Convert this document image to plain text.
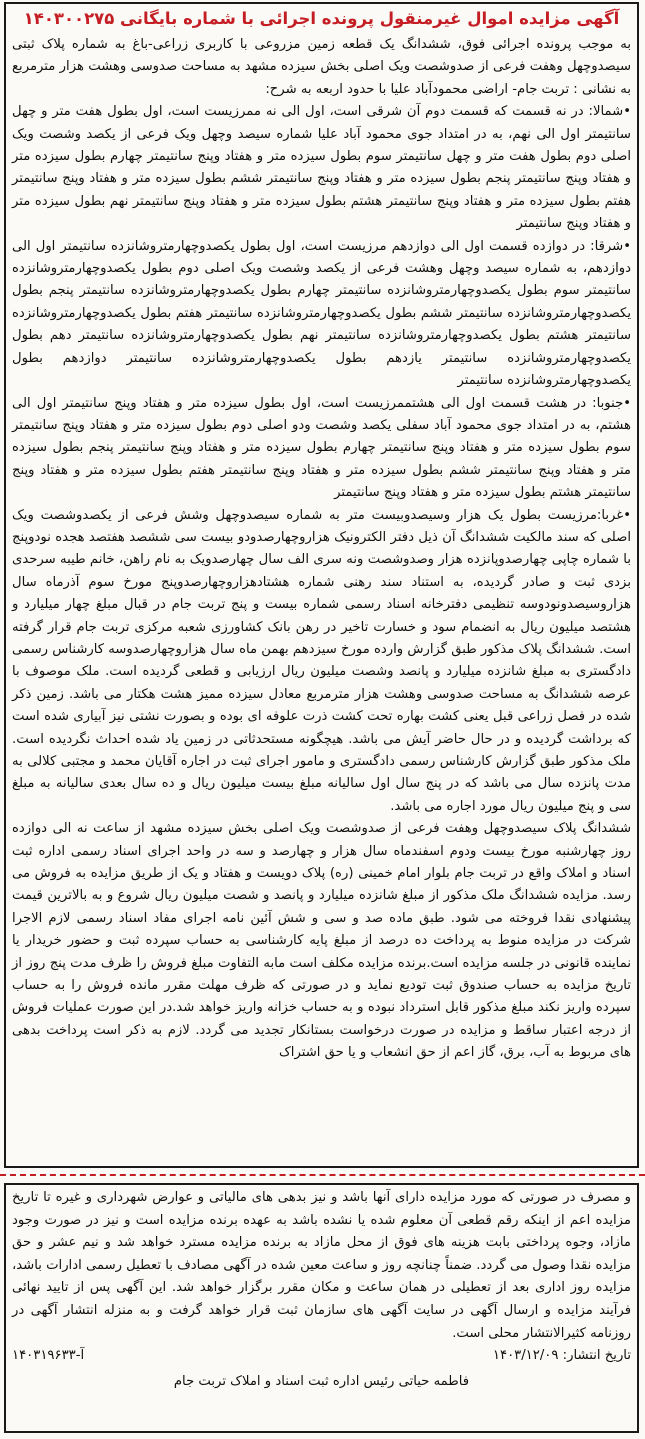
آگهی مزایده اموال غیرمنقول پرونده اجرائی با شماره بایگانی ۱۴۰۳۰۰۲۷۵

به موجب پرونده اجرائی فوق، ششدانگ یک قطعه زمین مزروعی با کاربری زراعی-باغ به شماره پلاک ثبتی سیصدوچهل وهفت فرعی از صدوشصت ویک اصلی بخش سیزده مشهد به مساحت صدوسی وهشت هزار مترمربع به نشانی : تربت جام- اراضی محمودآباد علیا با حدود اربعه به شرح:

•شمالا: در نه قسمت که قسمت دوم آن شرقی است، اول الی نه ممرزیست است، اول بطول هفت متر و چهل سانتیمتر اول الی نهم، به در امتداد جوی محمود آباد علیا شماره سیصد وچهل ویک فرعی از یکصد وشصت ویک اصلی دوم بطول هفت متر و چهل سانتیمتر سوم بطول سیزده متر و هفتاد وپنج سانتیمتر چهارم بطول سیزده متر و هفتاد وپنج سانتیمتر پنجم بطول سیزده متر و هفتاد وپنج سانتیمتر ششم بطول سیزده متر و هفتاد وپنج سانتیمتر هفتم بطول سیزده متر و هفتاد وپنج سانتیمتر هشتم بطول سیزده متر و هفتاد وپنج سانتیمتر نهم بطول سیزده متر و هفتاد وپنج سانتیمتر

•شرقا: در دوازده قسمت اول الی دوازدهم مرزیست است، اول بطول یکصدوچهارمتروشانزده سانتیمتر اول الی دوازدهم، به شماره سیصد وچهل وهشت فرعی از یکصد وشصت ویک اصلی دوم بطول یکصدوچهارمتروشانزده سانتیمتر سوم بطول یکصدوچهارمتروشانزده سانتیمتر چهارم بطول یکصدوچهارمتروشانزده سانتیمتر پنجم بطول یکصدوچهارمتروشانزده سانتیمتر ششم بطول یکصدوچهارمتروشانزده سانتیمتر هفتم بطول یکصدوچهارمتروشانزده سانتیمتر هشتم بطول یکصدوچهارمتروشانزده سانتیمتر نهم بطول یکصدوچهارمتروشانزده سانتیمتر دهم بطول یکصدوچهارمتروشانزده سانتیمتر یازدهم بطول یکصدوچهارمتروشانزده سانتیمتر دوازدهم بطول یکصدوچهارمتروشانزده سانتیمتر

•جنوبا: در هشت قسمت اول الی هشتممرزیست است، اول بطول سیزده متر و هفتاد وپنج سانتیمتر اول الی هشتم، به در امتداد جوی محمود آباد سفلی یکصد وشصت ودو اصلی دوم بطول سیزده متر و هفتاد وپنج سانتیمتر سوم بطول سیزده متر و هفتاد وپنج سانتیمتر چهارم بطول سیزده متر و هفتاد وپنج سانتیمتر پنجم بطول سیزده متر و هفتاد وپنج سانتیمتر ششم بطول سیزده متر و هفتاد وپنج سانتیمتر هفتم بطول سیزده متر و هفتاد وپنج سانتیمتر هشتم بطول سیزده متر و هفتاد وپنج سانتیمتر

•غربا:مرزیست بطول یک هزار وسیصدوبیست متر به شماره سیصدوچهل وشش فرعی از یکصدوشصت ویک اصلی که سند مالکیت ششدانگ آن ذیل دفتر الکترونیک هزاروچهارصدودو بیست سی ششصد هفتصد هجده نودوپنج با شماره چاپی چهارصدوپانزده هزار وصدوشصت ونه سری الف سال چهارصدویک به نام راهن، خانم طیبه سرحدی بزدی ثبت و صادر گردیده، به استناد سند رهنی شماره هشتادهزاروچهارصدوپنج مورخ سوم آذرماه سال هزاروسیصدونودوسه تنظیمی دفترخانه اسناد رسمی شماره بیست و پنج تربت جام در قبال مبلغ چهار میلیارد و هشتصد میلیون ریال به انضمام سود و خسارت تاخیر در رهن بانک کشاورزی شعبه مرکزی تربت جام قرار گرفته است. ششدانگ پلاک مذکور طبق گزارش وارده مورخ سیزدهم بهمن ماه سال هزاروچهارصدوسه کارشناس رسمی دادگستری به مبلغ شانزده میلیارد و پانصد وشصت میلیون ریال ارزیابی و قطعی گردیده است. ملک موصوف با عرصه ششدانگ به مساحت صدوسی وهشت هزار مترمربع معادل سیزده ممیز هشت هکتار می باشد. زمین ذکر شده در فصل زراعی قبل یعنی کشت بهاره تحت کشت ذرت علوفه ای بوده و بصورت نشتی نیز آبیاری شده است که برداشت گردیده و در حال حاضر آیش می باشد. هیچگونه مستحدثاتی در زمین یاد شده احداث نگردیده است. ملک مذکور طبق گزارش کارشناس رسمی دادگستری و مامور اجرای ثبت در اجاره آقایان محمد و مجتبی کلالی به مدت پانزده سال می باشد که در پنج سال اول سالیانه مبلغ بیست میلیون ریال و ده سال بعدی سالیانه به مبلغ سی و پنج میلیون ریال مورد اجاره می باشد.

ششدانگ پلاک سیصدوچهل وهفت فرعی از صدوشصت ویک اصلی بخش سیزده مشهد از ساعت نه الی دوازده روز چهارشنبه مورخ بیست ودوم اسفندماه سال هزار و چهارصد و سه در واحد اجرای اسناد رسمی اداره ثبت اسناد و املاک واقع در تربت جام بلوار امام خمینی (ره) پلاک دویست و هفتاد و یک از طریق مزایده به فروش می رسد. مزایده ششدانگ ملک مذکور از مبلغ شانزده میلیارد و پانصد و شصت میلیون ریال شروع و به بالاترین قیمت پیشنهادی نقدا فروخته می شود. طبق ماده صد و سی و شش آئین نامه اجرای مفاد اسناد رسمی لازم الاجرا شرکت در مزایده منوط به پرداخت ده درصد از مبلغ پایه کارشناسی به حساب سپرده ثبت و حضور خریدار یا نماینده قانونی در جلسه مزایده است.برنده مزایده مکلف است مابه التفاوت مبلغ فروش را ظرف مدت پنج روز از تاریخ مزایده به حساب صندوق ثبت تودیع نماید و در صورتی که ظرف مهلت مقرر مانده فروش را به حساب سپرده واریز نکند مبلغ مذکور قابل استرداد نبوده و به حساب خزانه واریز خواهد شد.در این صورت عملیات فروش از درجه اعتبار ساقط و مزایده در صورت درخواست بستانکار تجدید می گردد. لازم به ذکر است پرداخت بدهی های مربوط به آب، برق، گاز اعم از حق انشعاب و یا حق اشتراک

و مصرف در صورتی که مورد مزایده دارای آنها باشد و نیز بدهی های مالیاتی و عوارض شهرداری و غیره تا تاریخ مزایده اعم از اینکه رقم قطعی آن معلوم شده یا نشده باشد به عهده برنده مزایده است و نیز در صورت وجود مازاد، وجوه پرداختی بابت هزینه های فوق از محل مازاد به برنده مزایده مسترد خواهد شد و نیم عشر و حق مزایده نقدا وصول می گردد. ضمناً چنانچه روز و ساعت معین شده در آگهی مصادف با تعطیل رسمی ادارات باشد، مزایده روز اداری بعد از تعطیلی در همان ساعت و مکان مقرر برگزار خواهد شد. این آگهی پس از تایید نهائی فرآیند مزایده و ارسال آگهی در سایت آگهی های سازمان ثبت قرار خواهد گرفت و به منزله انتشار آگهی در روزنامه کثیرالانتشار محلی است.
تاریخ انتشار: ۱۴۰۳/۱۲/۰۹
آ-۱۴۰۳۱۹۶۳۳
فاطمه حیاتی رئیس اداره ثبت اسناد و املاک تربت جام
